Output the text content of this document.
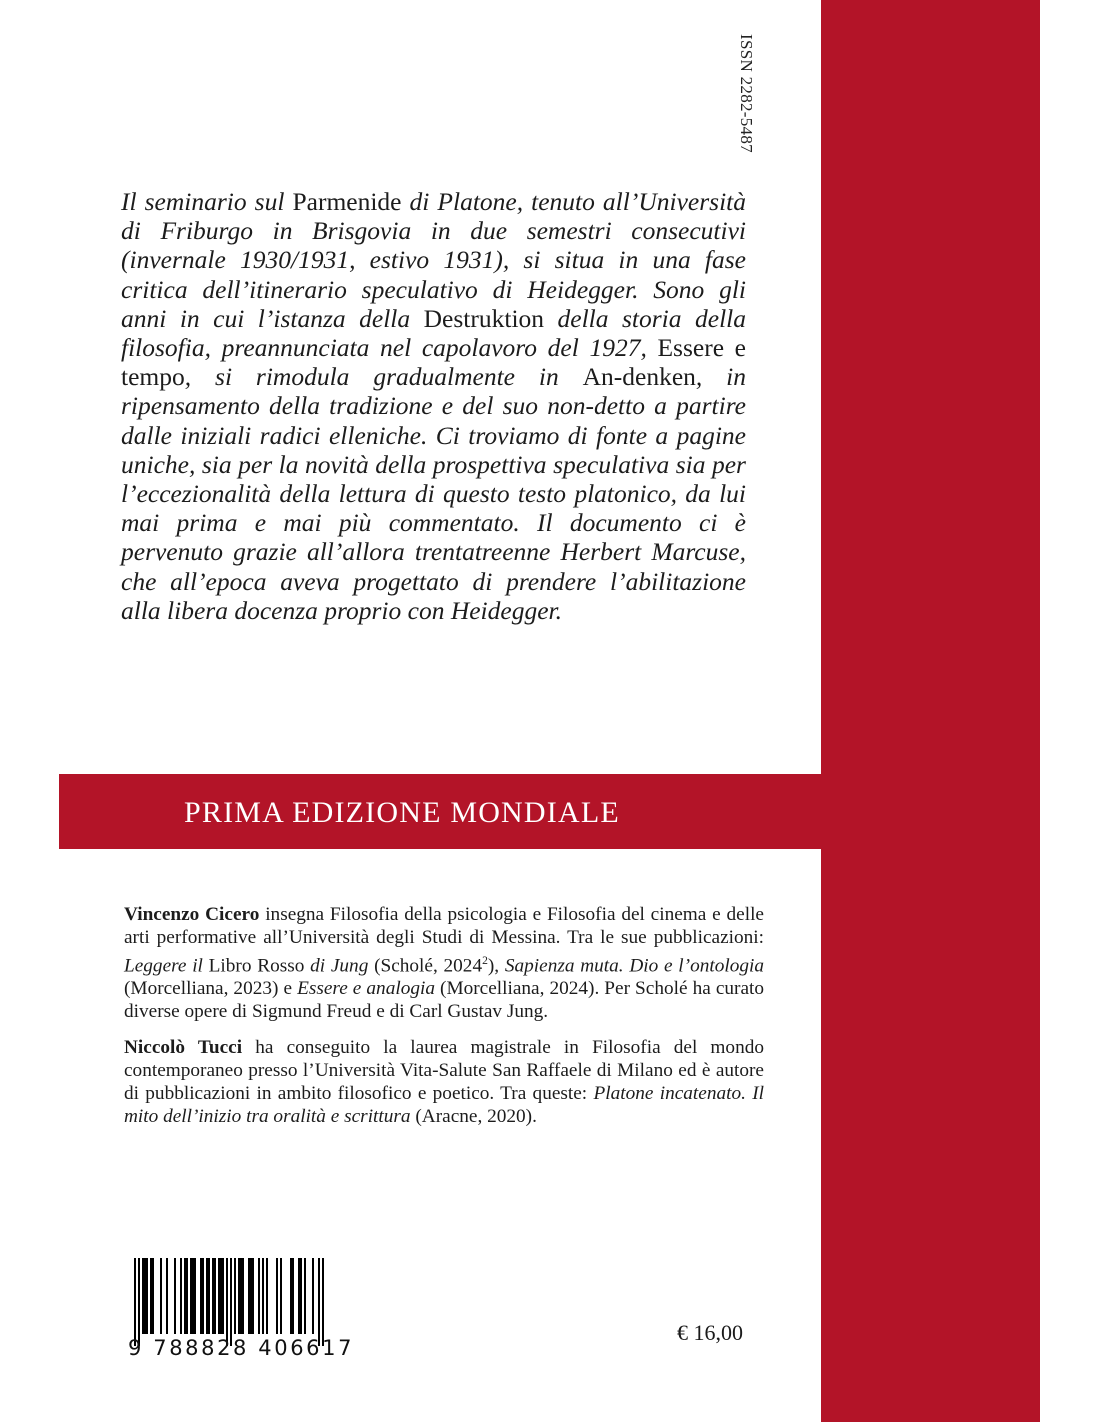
ISSN 2282-5487
Il seminario sul Parmenide di Platone, tenuto all’Università di Friburgo in Brisgovia in due semestri consecutivi (invernale 1930/1931, estivo 1931), si situa in una fase critica dell’itinerario speculativo di Heidegger. Sono gli anni in cui l’istanza della Destruktion della storia della filosofia, preannunciata nel capolavoro del 1927, Essere e tempo, si rimodula gradualmente in An-denken, in ripensamento della tradizione e del suo non-detto a partire dalle iniziali radici elleniche. Ci troviamo di fonte a pagine uniche, sia per la novità della prospettiva speculativa sia per l’eccezionalità della lettura di questo testo platonico, da lui mai prima e mai più commentato. Il documento ci è pervenuto grazie all’allora trentatreenne Herbert Marcuse, che all’epoca aveva progettato di prendere l’abilitazione alla libera docenza proprio con Heidegger.
PRIMA EDIZIONE MONDIALE

Vincenzo Cicero insegna Filosofia della psicologia e Filosofia del cinema e delle arti performative all’Università degli Studi di Messina. Tra le sue pubblicazioni: Leggere il Libro Rosso di Jung (Scholé, 2024$^2$), Sapienza muta. Dio e l’ontologia (Morcelliana, 2023) e Essere e analogia (Morcelliana, 2024). Per Scholé ha curato diverse opere di Sigmund Freud e di Carl Gustav Jung.

Niccolò Tucci ha conseguito la laurea magistrale in Filosofia del mondo contemporaneo presso l’Università Vita-Salute San Raffaele di Milano ed è autore di pubblicazioni in ambito filosofico e poetico. Tra queste: Platone incatenato. Il mito dell’inizio tra oralità e scrittura (Aracne, 2020).

9 788828 406617
€ 16,00
